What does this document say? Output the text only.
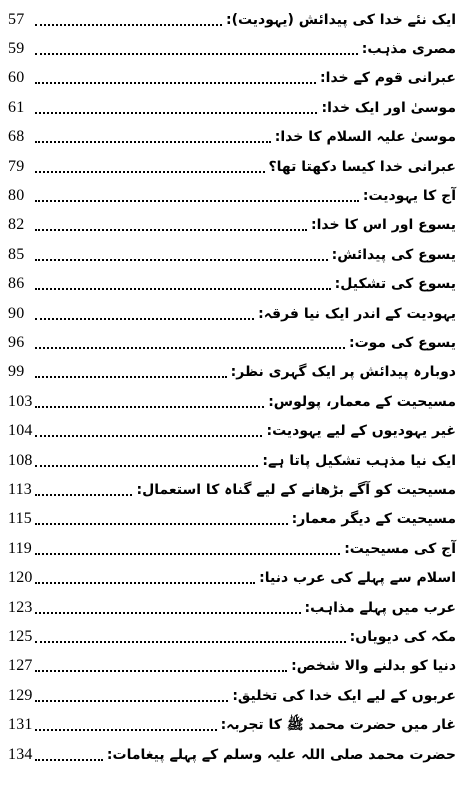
57	ایک نئے خدا کی پیدائش (یہودیت):
59	مصری مذہب:
60	عبرانی قوم کے خدا:
61	موسیٰ اور ایک خدا:
68	موسیٰ علیہ السلام کا خدا:
79	عبرانی خدا کیسا دکھتا تھا؟
80	آج کا یہودیت:
82	یسوع اور اس کا خدا:
85	یسوع کی پیدائش:
86	یسوع کی تشکیل:
90	یہودیت کے اندر ایک نیا فرقہ:
96	یسوع کی موت:
99	دوبارہ پیدائش پر ایک گہری نظر:
103	مسیحیت کے معمار، پولوس:
104	غیر یہودیوں کے لیے یہودیت:
108	ایک نیا مذہب تشکیل پاتا ہے:
113	مسیحیت کو آگے بڑھانے کے لیے گناہ کا استعمال:
115	مسیحیت کے دیگر معمار:
119	آج کی مسیحیت:
120	اسلام سے پہلے کی عرب دنیا:
123	عرب میں پہلے مذاہب:
125	مکہ کی دیویاں:
127	دنیا کو بدلنے والا شخص:
129	عربوں کے لیے ایک خدا کی تخلیق:
131	غار میں حضرت محمد ﷺ کا تجربہ:
134	حضرت محمد صلی اللہ علیہ وسلم کے پہلے پیغامات:
